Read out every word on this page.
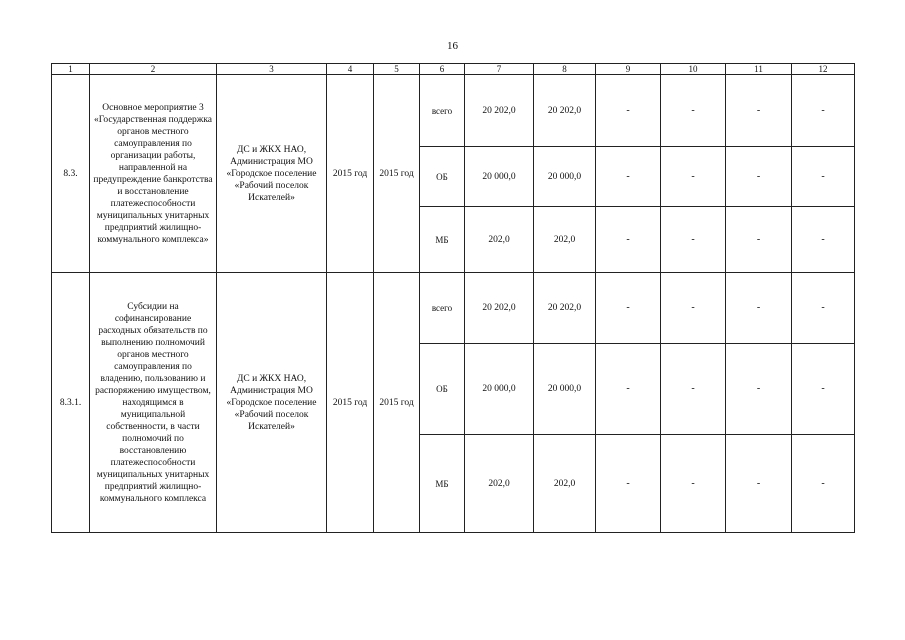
16
1	2	3	4	5	6	7	8	9	10	11	12
8.3.	Основное мероприятие 3 «Государственная поддержка органов местного самоуправления по организации работы, направленной на предупреждение банкротства и восстановление платежеспособности муниципальных унитарных предприятий жилищно-коммунального комплекса»	ДС и ЖКХ НАО, Администрация МО «Городское поселение «Рабочий поселок Искателей»	2015 год	2015 год	всего	20 202,0	20 202,0	-	-	-	-
					ОБ	20 000,0	20 000,0	-	-	-	-
					МБ	202,0	202,0	-	-	-	-
8.3.1.	Субсидии на софинансирование расходных обязательств по выполнению полномочий органов местного самоуправления по владению, пользованию и распоряжению имуществом, находящимся в муниципальной собственности, в части полномочий по восстановлению платежеспособности муниципальных унитарных предприятий жилищно-коммунального комплекса	ДС и ЖКХ НАО, Администрация МО «Городское поселение «Рабочий поселок Искателей»	2015 год	2015 год	всего	20 202,0	20 202,0	-	-	-	-
					ОБ	20 000,0	20 000,0	-	-	-	-
					МБ	202,0	202,0	-	-	-	-
